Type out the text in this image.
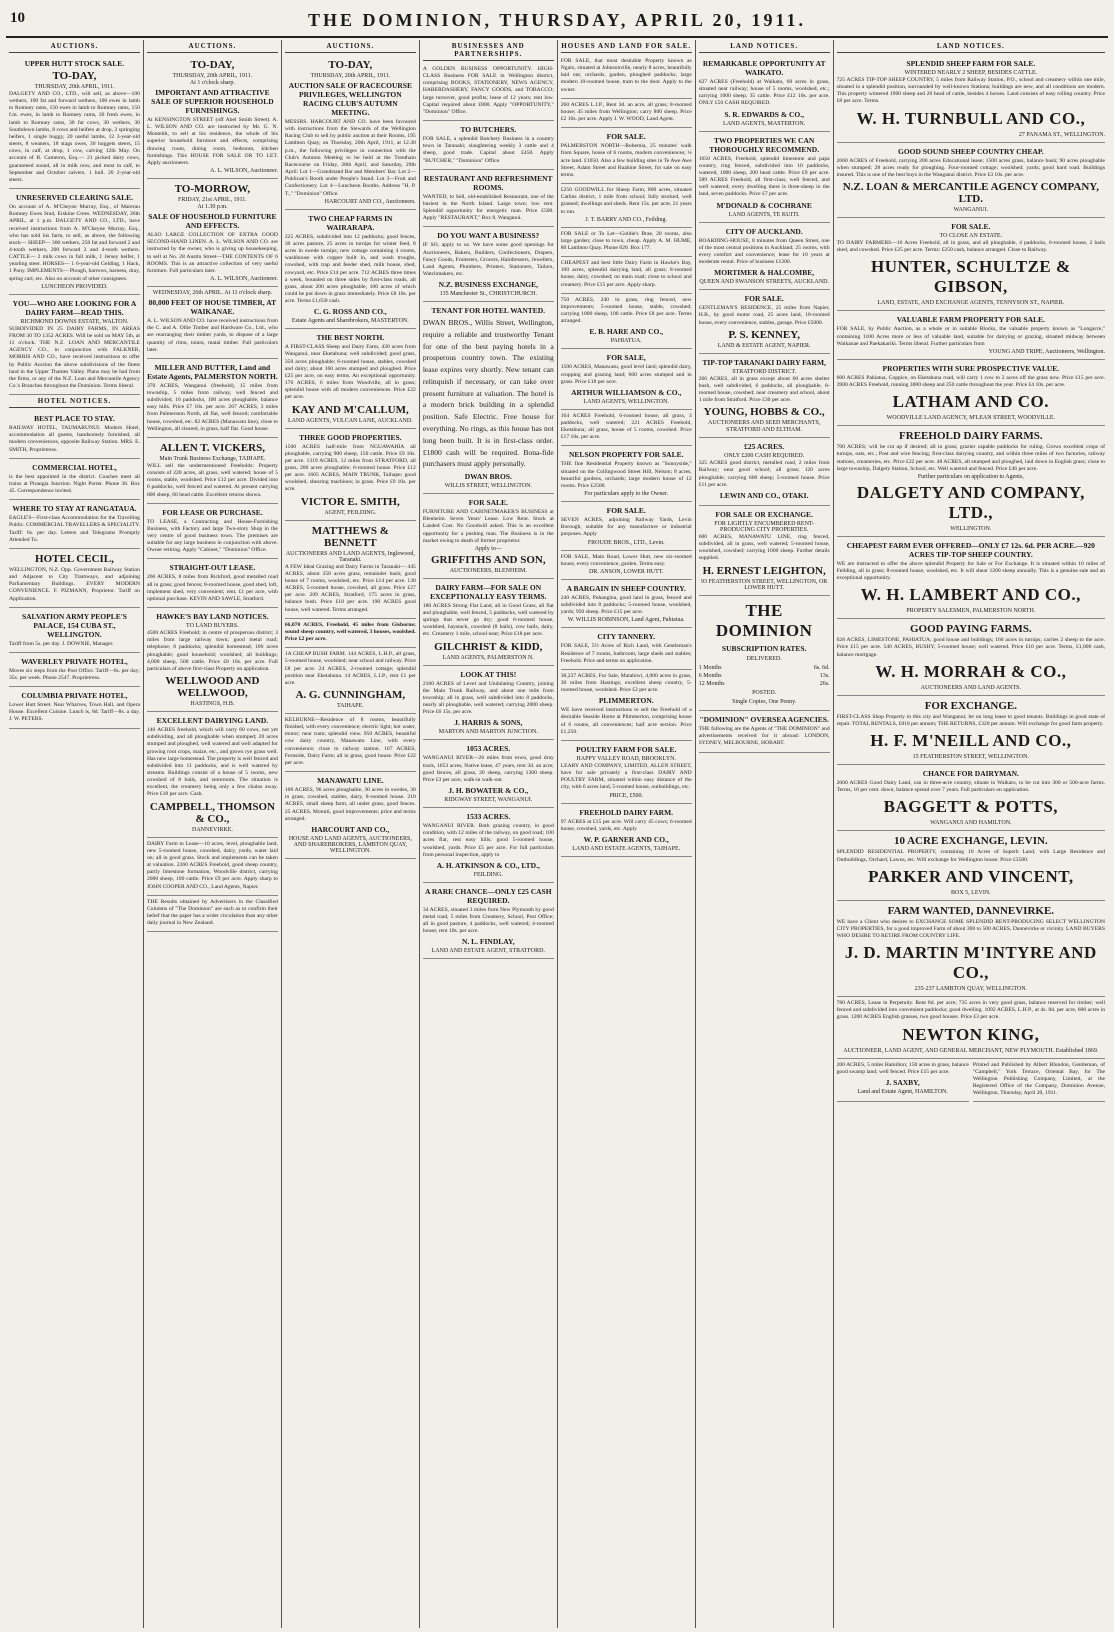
10	THE DOMINION, THURSDAY, APRIL 20, 1911.
AUCTIONS.
UPPER HUTT STOCK SALE.
TO-DAY,
THURSDAY, 20th APRIL, 1911.

DALGETY AND CO., LTD., will sell, as above—100 wethers, 100 fat and forward wethers, 100 ewes in lamb to Romney rams, 150 ewes in lamb to Romney rams, 150 f.m. ewes, in lamb to Romney rams, 20 fresh ewes, in lamb to Romney rams, 30 fat cows, 30 wethers, 30 Southdown lambs, 8 cows and heifers at drop, 2 springing heifers, 1 single buggy, 20 useful lambs, 12 3-year-old steers, 8 weaners, 18 stags owes, 30 hoggets steers, 15 cows, in calf, at drop, 1 cow, calving 12th May. On account of R. Cameron, Esq.— 21 picked dairy cows, guaranteed sound, all in milk now, and most in calf, to September and October calvers. 1 bull. 20 2-year-old steers.

UNRESERVED CLEARING SALE.

On account of A. M'Cheyne Murray, Esq., of Marerau Romney Ewes Stud, Erskine Crees. WEDNESDAY, 26th APRIL, at 1 p.m. DALGETY AND CO., LTD., have received instructions from A. M'Cheyne Murray, Esq., who has sold his farm, to sell, as above, the following stock— SHEEP— 300 wethers, 250 fat and forward 2 and 4-tooth wethers, 200 forward 2 and 4-tooth wethers. CATTLE— 2 milk cows in full milk, 1 Jersey heifer, 1 yearling steer. HORSES— 1 6-year-old Gelding, 1 Hack, 1 Pony. IMPLEMENTS— Plough, harrows, harness, dray, spring cart, etc. Also on account of other consignees.

LUNCHEON PROVIDED.
YOU—WHO ARE LOOKING FOR A DAIRY FARM—READ THIS.
RICHMOND DOWNS ESTATE, WALTON.

SUBDIVIDED IN 25 DAIRY FARMS, IN AREAS FROM 30 TO 1352 ACRES. Will be sold on MAY 5th, at 11 o'clock. THE N.Z. LOAN AND MERCANTILE AGENCY CO., in conjunction with FALKNER, MORRIS AND CO., have received instructions to offer by Public Auction the above subdivisions of the finest land in the Upper Thames Valley. Plans may be had from the firms, or any of the N.Z. Loan and Mercantile Agency Co.'s Branches throughout the Dominion. Terms liberal.

HOTEL NOTICES.
BEST PLACE TO STAY.

RAILWAY HOTEL, TAUMARUNUI. Modern Hotel, accommodation all guests, handsomely furnished, all modern conveniences, opposite Railway Station. MRS. E. SMITH, Proprietress.

COMMERCIAL HOTEL,

is the best appointed in the district. Coaches meet all trains at Pirangia Junction. Night Porter. Phone 36. Box 45. Correspondence invited.

WHERE TO STAY AT RANGATAUA.

EAGLE'S—First-class Accommodation for the Travelling Public. COMMERCIAL TRAVELLERS & SPECIALITY. Tariff: 6s. per day. Letters and Telegrams Promptly Attended To.

HOTEL CECIL,

WELLINGTON, N.Z. Opp. Government Railway Station and Adjacent to City Tramways, and adjoining Parliamentary Buildings. EVERY MODERN CONVENIENCE. F. PIZMANN, Proprietor. Tariff on Application.

SALVATION ARMY PEOPLE'S PALACE, 154 CUBA ST., WELLINGTON.

Tariff from 5s. per day. J. DOWNIE, Manager.

WAVERLEY PRIVATE HOTEL,

Moves six steps from the Post Office. Tariff—6s. per day; 35s. per week. Phone 2547. Proprietress.

COLUMBIA PRIVATE HOTEL,

Lower Hutt Street. Near Wharves, Town Hall, and Opera House. Excellent Cuisine. Lunch is, 8d. Tariff—8s. a day. J. W. PETERS.

AUCTIONS.
TO-DAY,
THURSDAY, 20th APRIL, 1911.
At 1 o'clock sharp.
IMPORTANT AND ATTRACTIVE SALE OF SUPERIOR HOUSEHOLD FURNISHINGS.

At KENSINGTON STREET (off Abel Smith Street). A. L. WILSON AND CO. are instructed by Mr. G. N. Monteith, to sell at his residence, the whole of his superior household furniture and effects, comprising drawing room, dining room, bedroom, kitchen furnishings. This HOUSE FOR SALE OR TO LET. Apply auctioneers.

A. L. WILSON, Auctioneer.
TO-MORROW,
FRIDAY, 21st APRIL, 1911.
At 1.30 p.m.
SALE OF HOUSEHOLD FURNITURE AND EFFECTS.

ALSO LARGE COLLECTION OF EXTRA GOOD SECOND-HAND LINEN. A. L. WILSON AND CO. are instructed by the owner, who is giving up housekeeping, to sell at No. 28 Austin Street—THE CONTENTS OF 6 ROOMS. This is an attractive collection of very useful furniture. Full particulars later.

A. L. WILSON, Auctioneer.
WEDNESDAY, 26th APRIL. At 11 o'clock sharp.
80,000 FEET OF HOUSE TIMBER, AT WAIKANAE.

A. L. WILSON AND CO. have received instructions from the C. and A. Ollie Timber and Hardware Co., Ltd., who are rearranging their timber yards, to dispose of a large quantity of rimu, totara, matai timber. Full particulars later.

MILLER AND BUTTER, Land and Estate Agents, PALMERSTON NORTH.

370 ACRES, Wanganui (freehold), 15 miles from township, 5 miles from railway, well fenced and subdivided, 16 paddocks, 100 acres ploughable, balance easy hills. Price £7 10s. per acre. 267 ACRES, 3 miles from Palmerston North, all flat, well fenced; comfortable house, cowshed, etc. 82 ACRES (Manawatu line), close to Wellington, all cleared, in grass, half flat. Good house.

ALLEN T. VICKERS,
Main Trunk Business Exchange, TAIHAPE.

WILL sell the undermentioned Freeholds: Property consists of 220 acres, all grass, well watered; house of 5 rooms, stable, woolshed. Price £12 per acre. Divided into 6 paddocks, well fenced and watered. At present carrying 800 sheep, 60 head cattle. Excellent returns shown.

FOR LEASE OR PURCHASE.

TO LEASE, a Contracting and House-Furnishing Business, with Factory and large Two-story Shop in the very centre of good business town. The premises are suitable for any large business in conjunction with above. Owner retiring. Apply "Cabinet," "Dominion" Office.

STRAIGHT-OUT LEASE.

266 ACRES, 8 miles from Rickford, good metalled road all in grass; good fences; 8-roomed house, good shed, loft, implement shed, very convenient; rent, £1 per acre, with optional purchase. KEVIN AND SAWLE, Stratford.

HAWKE'S BAY LAND NOTICES.
TO LAND BUYERS.

4500 ACRES Freehold; in centre of prosperous district; 3 miles from large railway town; good metal road; telephone; 8 paddocks; splendid homestead; 100 acres ploughable; good household; woolshed; all buildings; 4,000 sheep, 500 cattle. Price £8 10s. per acre. Full particulars of above first-class Property on application.

WELLWOOD AND WELLWOOD,
HASTINGS, H.B.
EXCELLENT DAIRYING LAND.

140 ACRES freehold, which will carry 60 cows, not yet subdividing, and all ploughable when stumped; 20 acres stumped and ploughed, well watered and well adapted for growing root crops, maize, etc., and grows rye grass well. Has new large homestead. The property is well fenced and subdivided into 11 paddocks, and is well watered by streams. Buildings consist of a house of 5 rooms, new cowshed of 8 bails, and storeroom. The situation is excellent, the creamery being only a few chains away. Price £18 per acre. Cash.

CAMPBELL, THOMSON & CO.,
DANNEVIRKE.

DAIRY Farm to Lease—10 acres, level, ploughable land, new 5-roomed house, cowshed, dairy, yards, water laid on; all in good grass. Stock and implements can be taken at valuation. 2360 ACRES Freehold, good sheep country, partly limestone formation, Woodville district, carrying 2000 sheep, 100 cattle. Price £9 per acre. Apply sharp to JOHN COOPER AND CO., Land Agents, Napier.

THE Results obtained by Advertisers in the Classified Columns of "The Dominion" are such as to confirm their belief that the paper has a wider circulation than any other daily journal in New Zealand.

AUCTIONS.
TO-DAY,
THURSDAY, 20th APRIL, 1911.
AUCTION SALE OF RACECOURSE PRIVILEGES, WELLINGTON RACING CLUB'S AUTUMN MEETING.

MESSRS. HARCOURT AND CO. have been favoured with instructions from the Stewards of the Wellington Racing Club to sell by public auction at their Rooms, 195 Lambton Quay, on Thursday, 20th April, 1911, at 12.30 p.m., the following privileges in connection with the Club's Autumn Meeting to be held at the Trentham Racecourse on Friday, 28th April, and Saturday, 29th April: Lot 1—Grandstand Bar and Members' Bar. Lot 2—Publican's Booth under People's Stand. Lot 3—Fruit and Confectionery. Lot 4—Luncheon Booths. Address "H. P. T.," "Dominion" Office.

HARCOURT AND CO., Auctioneers.
TWO CHEAP FARMS IN WAIRARAPA.

225 ACRES, subdivided into 12 paddocks; good fences, 30 acres pasture, 25 acres in turnips for winter feed, 8 acres in swede turnips; new cottage containing 4 rooms, washhouse with copper built in, and wash troughs, cowshed, with trap and feeder shed, milk house, shed, cowyard, etc. Price £14 per acre. 712 ACRES three times a week, bounded on three sides by first-class roads, all grass, about 200 acres ploughable, 100 acres of which could be put down in grass immediately. Price £8 10s. per acre. Terms £1,650 cash.

C. G. ROSS AND CO.,
Estate Agents and Sharebrokers, MASTERTON.
THE BEST NORTH.

A FIRST-CLASS Sheep and Dairy Farm, 430 acres from Wanganui, near Eketahuna; well subdivided; good grass, 350 acres ploughable; 6-roomed house, stables, cowshed and dairy; about 160 acres stumped and ploughed. Price £25 per acre, on easy terms. An exceptional opportunity. 176 ACRES, 6 miles from Woodville, all in grass; splendid house with all modern conveniences. Price £22 per acre.

KAY AND M'CALLUM,
LAND AGENTS, VULCAN LANE, AUCKLAND.
THREE GOOD PROPERTIES.

1500 ACRES half-mile from NGUAWAHIA all ploughable, carrying 900 sheep, 150 cattle. Price £9 10s. per acre. 1319 ACRES, 12 miles from STRATFORD, all grass, 200 acres ploughable; 6-roomed house. Price £12 per acre. 1605 ACRES, MAIN TRUNK, Taihape; good woolshed, shearing machines; in grass. Price £9 10s. per acre.

VICTOR E. SMITH,
AGENT, FEILDING.
MATTHEWS & BENNETT
AUCTIONEERS AND LAND AGENTS, Inglewood, Taranaki.

A FEW Ideal Grazing and Dairy Farms in Taranaki— 445 ACRES, about 350 acres grass, remainder bush; good house of 7 rooms, woolshed, etc. Price £14 per acre. 130 ACRES, 5-roomed house, cowshed, all grass. Price £27 per acre. 209 ACRES, Stratford, 175 acres in grass, balance bush. Price £18 per acre. 190 ACRES good house, well watered. Terms arranged.

66,070 ACRES, Freehold, 45 miles from Gisborne; sound sheep country, well watered, 3 houses, woolshed. Price £2 per acre.

1A CHEAP BUSH FARM. 144 ACRES, L.H.P., all grass, 5-roomed house, woolshed; near school and railway. Price £8 per acre. 24 ACRES, 2-roomed cottage; splendid position near Eketahuna. 14 ACRES, L.I.P., rent £1 per acre.

A. G. CUNNINGHAM,
TAIHAPE.

KELBURNE—Residence of 8 rooms, beautifully finished, with every convenience; electric light; hot water, motor; near tram; splendid view. 950 ACRES, beautiful cow dairy country, Manawatu Line, with every convenience; close to railway station. 167 ACRES, Fernside, Dairy Farm; all in grass, good house. Price £22 per acre.

MANAWATU LINE.

100 ACRES, 96 acres ploughable, 30 acres in swedes, 30 in grass, cowshed, stables, dairy, 8-roomed house. 210 ACRES, small sheep farm, all under grass, good fences. 25 ACRES, Motuiti, good improvements; price and terms arranged.

HARCOURT AND CO.,
HOUSE AND LAND AGENTS, AUCTIONEERS, AND SHAREBROKERS, LAMBTON QUAY, WELLINGTON.
BUSINESSES AND PARTNERSHIPS.

A GOLDEN BUSINESS OPPORTUNITY. HIGH-CLASS Business FOR SALE in Wellington district, comprising BOOKS, STATIONERY, NEWS AGENCY, HABERDASHERY, FANCY GOODS, and TOBACCO; large turnover, good profits; lease of 12 years; rent low. Capital required about £800. Apply "OPPORTUNITY," "Dominion" Office.

TO BUTCHERS.

FOR SALE, a splendid Butchery Business in a country town in Taranaki; slaughtering weekly 3 cattle and 4 sheep, good trade. Capital about £450. Apply "BUTCHER," "Dominion" Office.

RESTAURANT AND REFRESHMENT ROOMS.

WANTED, to Sell, old-established Restaurant, one of the busiest in the North Island. Large town; low rent. Splendid opportunity for energetic man. Price £500. Apply "RESTAURANT," Box 8, Wanganui.

DO YOU WANT A BUSINESS?

IF SO, apply to us. We have some good openings for Auctioneers, Bakers, Builders, Confectioners, Drapers, Fancy Goods, Fruiterers, Grocers, Hairdressers, Jewellers, Land Agents, Plumbers, Printers, Stationers, Tailors, Watchmakers, etc.

N.Z. BUSINESS EXCHANGE,
135 Manchester St., CHRISTCHURCH.
TENANT FOR HOTEL WANTED.

DWAN BROS., Willis Street, Wellington, require a reliable and trustworthy Tenant for one of the best paying hotels in a prosperous country town. The existing lease expires very shortly. New tenant can relinquish if necessary, or can take over present furniture at valuation. The hotel is a modern brick building in a splendid position. Safe Electric. Free house for everything. No rings, as this house has not long been built. It is in first-class order. £1800 cash will be required. Bona-fide purchasers must apply personally.

DWAN BROS.
WILLIS STREET, WELLINGTON.
FOR SALE.

FURNITURE AND CABINETMAKER'S BUSINESS at Blenheim. Seven Years' Lease. Low Rent. Stock at Landed Cost. No Goodwill asked. This is an excellent opportunity for a pushing man. The Business is in the market owing to death of former proprietor.

Apply to—
GRIFFITHS AND SON,
AUCTIONEERS, BLENHEIM.
DAIRY FARM—FOR SALE ON EXCEPTIONALLY EASY TERMS.

180 ACRES Strong Flat Land, all in Good Grass, all flat and ploughable, well fenced, 5 paddocks, well watered by springs that never go dry; good 6-roomed house, woolshed, haystack, cowshed (8 bails), cow bails, dairy, etc. Creamery 1 mile, school near; Price £18 per acre.

GILCHRIST & KIDD,
LAND AGENTS, PALMERSTON N.
LOOK AT THIS!

2160 ACRES of Level and Undulating Country, joining the Main Trunk Railway, and about one mile from township; all in grass, well subdivided into 8 paddocks, nearly all ploughable, well watered; carrying 2000 sheep. Price £6 15s. per acre.

J. HARRIS & SONS,
MARTON AND MARTON JUNCTION.
1053 ACRES.

WANGANUI RIVER—26 miles from town, good dray track, 1053 acres, Native lease, 47 years, rent 3d. an acre; good fences, all grass, 20 sheep, carrying 1300 sheep. Price £3 per acre, walk-in walk-out.

J. H. BOWATER & CO.,
RIDGWAY STREET, WANGANUI.
1533 ACRES.

WANGANUI RIVER. Both grazing country, in good condition, with 12 miles of the railway, on good road; 100 acres flat, rest easy hills; good 5-roomed house, woolshed, yards. Price £5 per acre. For full particulars from personal inspection, apply to

A. H. ATKINSON & CO., LTD.,
FEILDING.
A RARE CHANCE—ONLY £25 CASH REQUIRED.

34 ACRES, situated 3 miles from New Plymouth by good metal road, 5 miles from Creamery, School, Post Office; all in good pasture, 4 paddocks, well watered; 4-roomed house; rent 10s. per acre.

N. L. FINDLAY,
LAND AND ESTATE AGENT, STRATFORD.
HOUSES AND LAND FOR SALE.

FOR SALE, that most desirable Property known as Ngaio, situated at Johnsonville, nearly 8 acres, beautifully laid out, orchards, garden, ploughed paddocks; large modern 10-roomed house, tram to the door. Apply to the owner.

260 ACRES L.I.P., Rent 3d. an acre, all grass; 8-roomed house; 45 miles from Wellington; carry 800 sheep. Price £2 10s. per acre. Apply J. W. WOOD, Land Agent.

FOR SALE.

PALMERSTON NORTH—Rohemia, 25 minutes' walk from Square, house of 6 rooms, modern conveniences; ¼ acre land. £1050. Also a few building sites in Te Awe Awe Street, Adam Street and Ruahine Street, for sale on easy terms.

£250 GOODWILL for Sheep Farm, 800 acres, situated Catlins district, 1 mile from school; fully stocked, well grassed; dwellings and sheds. Rent 15s. per acre, 21 years to run.

J. T. BARRY AND CO., Feilding.

FOR SALE or To Let—Goldie's Brae, 20 rooms, also large garden; close to town, cheap. Apply A. M. HUME, 80 Lambton Quay. Phone 820. Box 177.

CHEAPEST and best little Dairy Farm in Hawke's Bay, 100 acres, splendid dairying land, all grass; 8-roomed house, dairy, cowshed; on main road; close to school and creamery. Price £15 per acre. Apply sharp.

750 ACRES, 240 in grass, ring fenced, new improvements; 5-roomed house, stable, cowshed; carrying 1000 sheep, 100 cattle. Price £8 per acre. Terms arranged.

E. B. HARE AND CO.,
PAHIATUA.
FOR SALE,

1500 ACRES, Manawatu, good level land; splendid dairy, cropping and grazing land; 600 acres stumped and in grass. Price £18 per acre.

ARTHUR WILLIAMSON & CO.,
LAND AGENTS, WELLINGTON.

164 ACRES Freehold, 6-roomed house, all grass, 3 paddocks, well watered; 221 ACRES Freehold, Eketahuna; all grass, house of 5 rooms, cowshed. Price £17 10s. per acre.

NELSON PROPERTY FOR SALE.

THE fine Residential Property known as "Sunnyside," situated on the Collingwood Street Hill, Nelson; 8 acres, beautiful gardens, orchards; large modern house of 12 rooms. Price £2500.

For particulars apply to the Owner.
FOR SALE.

SEVEN ACRES, adjoining Railway Yards, Levin Borough, suitable for any manufacture or industrial purposes. Apply

FROUDE BROS., LTD., Levin.

FOR SALE, Main Road, Lower Hutt, new six-roomed house, every convenience, garden. Terms easy.

DR. ANSON, LOWER HUTT.
A BARGAIN IN SHEEP COUNTRY.

240 ACRES, Pohangina, good land in grass, fenced and subdivided into 8 paddocks; 5-roomed house, woolshed, yards; 950 sheep. Price £15 per acre.

W. WILLIS ROBINSON, Land Agent, Pahiatua.
CITY TANNERY.

FOR SALE, 5½ Acres of Rich Land, with Gentleman's Residence of 7 rooms, bathroom, large sheds and stables; Freehold. Price and terms on application.

38,237 ACRES, For Sale, Matahiwi, 4,000 acres in grass, 30 miles from Hastings; excellent sheep country, 5-roomed house, woolshed. Price £2 per acre.

PLIMMERTON.

WE have received instructions to sell the Freehold of a desirable Seaside Home at Plimmerton, comprising house of 6 rooms, all conveniences; half acre section. Price £1,250.

POULTRY FARM FOR SALE.
HAPPY VALLEY ROAD, BROOKLYN.

LEARY AND COMPANY, LIMITED, ALLEN STREET, have for sale privately a first-class DAIRY AND POULTRY FARM, situated within easy distance of the city, with 6 acres land, 5-roomed house, outbuildings, etc.

PRICE, £500.
FREEHOLD DAIRY FARM.

97 ACRES at £15 per acre. Will carry 45 cows; 6-roomed house, cowshed, yards, etc. Apply

W. P. GARNER AND CO.,
LAND AND ESTATE AGENTS, TAIHAPE.
LAND NOTICES.
REMARKABLE OPPORTUNITY AT WAIKATO.

627 ACRES (Freehold) at Waikato, 60 acres in grass, situated near railway; house of 5 rooms, woolshed, etc.; carrying 1000 sheep, 35 cattle. Price £12 10s. per acre. ONLY £50 CASH REQUIRED.

S. R. EDWARDS & CO.,
LAND AGENTS, MASTERTON.
TWO PROPERTIES WE CAN THOROUGHLY RECOMMEND.

1650 ACRES, Freehold, splendid limestone and papa country, ring fenced, subdivided into 10 paddocks, watered, 1000 sheep, 200 head cattle. Price £9 per acre. 589 ACRES Freehold, all first-class, well fenced, and well watered; every dwelling there is three-sheep in the land, seven paddocks. Price £7 per acre.

M'DONALD & COCHRANE
LAND AGENTS, TE KUITI.
CITY OF AUCKLAND.

BOARDING-HOUSE, 8 minutes from Queen Street, one of the most central positions in Auckland; 25 rooms, with every comfort and convenience; lease for 10 years at moderate rental. Price of business £1200.

MORTIMER & HALCOMBE,
QUEEN AND SWANSON STREETS, AUCKLAND.
FOR SALE.

GENTLEMAN'S RESIDENCE, 25 miles from Napier, H.B., by good motor road, 25 acres land, 10-roomed house, every convenience, stables, garage. Price £5000.

P. S. KENNEY,
LAND & ESTATE AGENT, NAPIER.
TIP-TOP TARANAKI DAIRY FARM,
STRATFORD DISTRICT.

266 ACRES, all in grass except about 60 acres shelter bush, well subdivided, 6 paddocks, all ploughable, 8-roomed house, cowshed; near creamery and school, about 1 mile from Stratford. Price £30 per acre.

YOUNG, HOBBS & CO.,
AUCTIONEERS AND SEED MERCHANTS,
STRATFORD AND ELTHAM.
£25 ACRES.
ONLY £200 CASH REQUIRED.

325 ACRES good district, metalled road, 2 miles from Railway; near good school; all grass; 120 acres ploughable; carrying 600 sheep; 5-roomed house. Price £11 per acre.

LEWIN AND CO., OTAKI.
FOR SALE OR EXCHANGE.
FOR LIGHTLY ENCUMBERED RENT-PRODUCING CITY PROPERTIES.

600 ACRES, MANAWATU LINE, ring fenced, subdivided, all in grass, well watered; 5-roomed house, woolshed, cowshed; carrying 1000 sheep. Further details supplied.

H. ERNEST LEIGHTON,
93 FEATHERSTON STREET, WELLINGTON, OR LOWER HUTT.
THE DOMINION
SUBSCRIPTION RATES.
DELIVERED.
1 Months	6s. 6d.
6 Months	13s.
12 Months	26s.
POSTED.
Single Copies, One Penny.
"DOMINION" OVERSEA AGENCIES.

THE following are the Agents of "THE DOMINION" and advertisements received for it abroad: LONDON, SYDNEY, MELBOURNE, HOBART.

LAND NOTICES.
SPLENDID SHEEP FARM FOR SALE.
WINTERED NEARLY 2 SHEEP, BESIDES CATTLE.

725 ACRES TIP-TOP SHEEP COUNTRY, 5 miles from Railway Station, P.O., school and creamery within one mile, situated in a splendid position, surrounded by well-known Stations; buildings are new, and all conditions are modern. This property wintered 1900 sheep and 20 head of cattle, besides 4 horses. Land consists of easy rolling country. Price £8 per acre. Terms.

W. H. TURNBULL AND CO.,
27 PANAMA ST., WELLINGTON.
GOOD SOUND SHEEP COUNTRY CHEAP.

2060 ACRES of Freehold, carrying 200 acres Educational lease; 1500 acres grass, balance bush; 90 acres ploughable when stumped; 28 acres ready for ploughing. Four-roomed cottage; woolshed; yards; good hard road. Buildings insured. This is one of the best buys in the Wanganui district. Price £3 10s. per acre.

N.Z. LOAN & MERCANTILE AGENCY COMPANY, LTD.
WANGANUI.
FOR SALE.
TO CLOSE AN ESTATE.

TO DAIRY FARMERS—16 Acres Freehold, all in grass, and all ploughable, 4 paddocks, 6-roomed house, 2 bails shed, and cowshed. Price £25 per acre. Terms: £250 cash, balance arranged. Close to Railway.

HUNTER, SCHULTZE & GIBSON,
LAND, ESTATE, AND EXCHANGE AGENTS, TENNYSON ST., NAPIER.
VALUABLE FARM PROPERTY FOR SALE.

FOR SALE, by Public Auction, as a whole or in suitable Blocks, the valuable property known as "Longacre," containing 1100 Acres more or less of valuable land, suitable for dairying or grazing, situated midway between Waikanae and Paekakariki. Terms liberal. Further particulars from

YOUNG AND TRIPE, Auctioneers, Wellington.
PROPERTIES WITH SURE PROSPECTIVE VALUE.

600 ACRES Pahiatua, Coppice, on Eketahuna road, will carry 1 cow to 2 acres off the grass now. Price £15 per acre. 3900 ACRES Freehold, running 3000 sheep and 250 cattle throughout the year. Price £4 10s. per acre.

LATHAM AND CO.
WOODVILLE LAND AGENCY, M'LEAN STREET, WOODVILLE.
FREEHOLD DAIRY FARMS.

700 ACRES; will be cut up if desired; all in grass; grazier capable paddocks for ruling. Grows excellent crops of turnips, oats, etc.; Post and wire fencing; first-class dairying country, and within three miles of two factories, railway stations, creameries, etc. Price £22 per acre. 48 ACRES, all stumped and ploughed, laid down in English grass; close to large township, Dalgety Station, School, etc. Well watered and fenced. Price £46 per acre.

Further particulars on application to Agents,
DALGETY AND COMPANY, LTD.,
WELLINGTON.
CHEAPEST FARM EVER OFFERED—ONLY £7 12s. 6d. PER ACRE.—920 ACRES TIP-TOP SHEEP COUNTRY.

WE are instructed to offer the above splendid Property for Sale or For Exchange. It is situated within 10 miles of Feilding, all in grass; 8-roomed house, woolshed, etc. It will shear 1200 sheep annually. This is a genuine sale and an exceptional opportunity.

W. H. LAMBERT AND CO.,
PROPERTY SALESMEN, PALMERSTON NORTH.
GOOD PAYING FARMS.

628 ACRES, LIMESTONE, PAHIATUA; good house and buildings; 160 acres in turnips; carries 2 sheep to the acre. Price £15 per acre. 540 ACRES, BUSHY, 5-roomed house; well watered. Price £10 per acre. Terms, £1,000 cash, balance mortgage.

W. H. MORRAH & CO.,
AUCTIONEERS AND LAND AGENTS.
FOR EXCHANGE.

FIRST-CLASS Shop Property in this city and Wanganui; let on long lease to good tenants. Buildings in good state of repair. TOTAL RENTALS, £810 per annum; THE RETURNS, £320 per annum. Will exchange for good farm property.

H. F. M'NEILL AND CO.,
15 FEATHERSTON STREET, WELLINGTON.
CHANCE FOR DAIRYMAN.

2000 ACRES Good Dairy Land, can in three-acre country, situate in Waikato, to be cut into 300 or 500-acre farms. Terms, 10 per cent. down, balance spread over 7 years. Full particulars on application.

BAGGETT & POTTS,
WANGANUI AND HAMILTON.
10 ACRE EXCHANGE, LEVIN.

SPLENDID RESIDENTIAL PROPERTY, containing 10 Acres of Superb Land, with Large Residence and Outbuildings, Orchard, Lawns, etc. Will exchange for Wellington house. Price £3500.

PARKER AND VINCENT,
BOX 5, LEVIN.
FARM WANTED, DANNEVIRKE.

WE have a Client who desires to EXCHANGE SOME SPLENDID RENT-PRODUCING SELECT WELLINGTON CITY PROPERTIES, for a good improved Farm of about 300 to 500 ACRES, Dannevirke or vicinity. LAND BUYERS WHO DESIRE TO RETIRE FROM COUNTRY LIFE.

J. D. MARTIN M'INTYRE AND CO.,
235-237 LAMBTON QUAY, WELLINGTON.

780 ACRES, Lease in Perpetuity. Rent 8d. per acre; 735 acres in very good grass, balance reserved for timber; well fenced and subdivided into convenient paddocks; good dwelling. 1092 ACRES, L.H.P., at 4s. 8d. per acre, 600 acres in grass. 1200 ACRES English grasses, two good houses. Price £3 per acre.

NEWTON KING,
AUCTIONEER, LAND AGENT, AND GENERAL MERCHANT, NEW PLYMOUTH. Established 1869.

200 ACRES, 5 miles Hamilton; 150 acres in grass, balance good swamp land; well fenced. Price £15 per acre.

J. SAXBY,
Land and Estate Agent, HAMILTON.

Printed and Published by Albert Blundon, Gentleman, of "Campbell," York Terrace, Oriental Bay, for The Wellington Publishing Company, Limited, at the Registered Office of the Company, Dominion Avenue, Wellington, Thursday, April 20, 1911.
